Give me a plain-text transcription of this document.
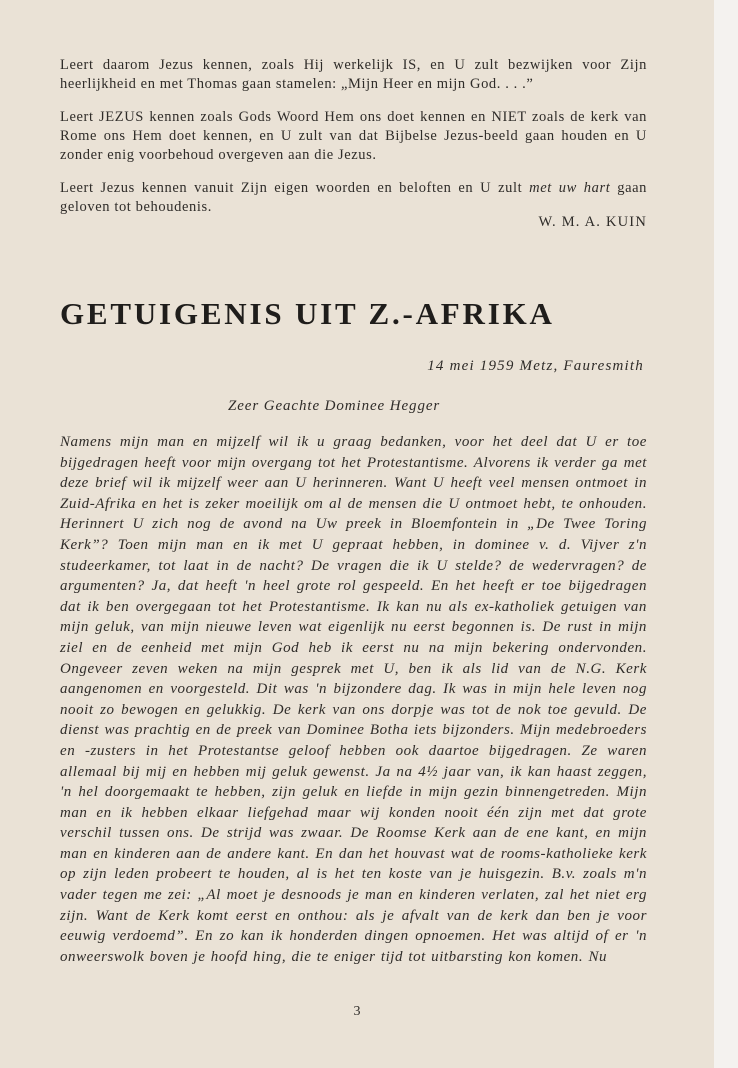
Leert daarom Jezus kennen, zoals Hij werkelijk IS, en U zult bezwijken voor Zijn heerlijkheid en met Thomas gaan stamelen: „Mijn Heer en mijn God. . . .”

Leert JEZUS kennen zoals Gods Woord Hem ons doet kennen en NIET zoals de kerk van Rome ons Hem doet kennen, en U zult van dat Bijbelse Jezus-beeld gaan houden en U zonder enig voorbehoud overgeven aan die Jezus.

Leert Jezus kennen vanuit Zijn eigen woorden en beloften en U zult met uw hart gaan geloven tot behoudenis.

W. M. A. KUIN
GETUIGENIS UIT Z.-AFRIKA
14 mei 1959 Metz, Fauresmith
Zeer Geachte Dominee Hegger

Namens mijn man en mijzelf wil ik u graag bedanken, voor het deel dat U er toe bijgedragen heeft voor mijn overgang tot het Protestantisme. Alvorens ik verder ga met deze brief wil ik mijzelf weer aan U herinneren. Want U heeft veel mensen ontmoet in Zuid-Afrika en het is zeker moeilijk om al de mensen die U ontmoet hebt, te onhouden. Herinnert U zich nog de avond na Uw preek in Bloemfontein in „De Twee Toring Kerk”? Toen mijn man en ik met U gepraat hebben, in dominee v. d. Vijver z'n studeerkamer, tot laat in de nacht? De vragen die ik U stelde? de wedervragen? de argumenten? Ja, dat heeft 'n heel grote rol gespeeld. En het heeft er toe bijgedragen dat ik ben overgegaan tot het Protestantisme. Ik kan nu als ex-katholiek getuigen van mijn geluk, van mijn nieuwe leven wat eigenlijk nu eerst begonnen is. De rust in mijn ziel en de eenheid met mijn God heb ik eerst nu na mijn bekering ondervonden. Ongeveer zeven weken na mijn gesprek met U, ben ik als lid van de N.G. Kerk aangenomen en voorgesteld. Dit was 'n bijzondere dag. Ik was in mijn hele leven nog nooit zo bewogen en gelukkig. De kerk van ons dorpje was tot de nok toe gevuld. De dienst was prachtig en de preek van Dominee Botha iets bijzonders. Mijn medebroeders en -zusters in het Protestantse geloof hebben ook daartoe bijgedragen. Ze waren allemaal bij mij en hebben mij geluk gewenst. Ja na 4½ jaar van, ik kan haast zeggen, 'n hel doorgemaakt te hebben, zijn geluk en liefde in mijn gezin binnengetreden. Mijn man en ik hebben elkaar liefgehad maar wij konden nooit één zijn met dat grote verschil tussen ons. De strijd was zwaar. De Roomse Kerk aan de ene kant, en mijn man en kinderen aan de andere kant. En dan het houvast wat de rooms-katholieke kerk op zijn leden probeert te houden, al is het ten koste van je huisgezin. B.v. zoals m'n vader tegen me zei: „Al moet je desnoods je man en kinderen verlaten, zal het niet erg zijn. Want de Kerk komt eerst en onthou: als je afvalt van de kerk dan ben je voor eeuwig verdoemd”. En zo kan ik honderden dingen opnoemen. Het was altijd of er 'n onweerswolk boven je hoofd hing, die te eniger tijd tot uitbarsting kon komen. Nu

3
